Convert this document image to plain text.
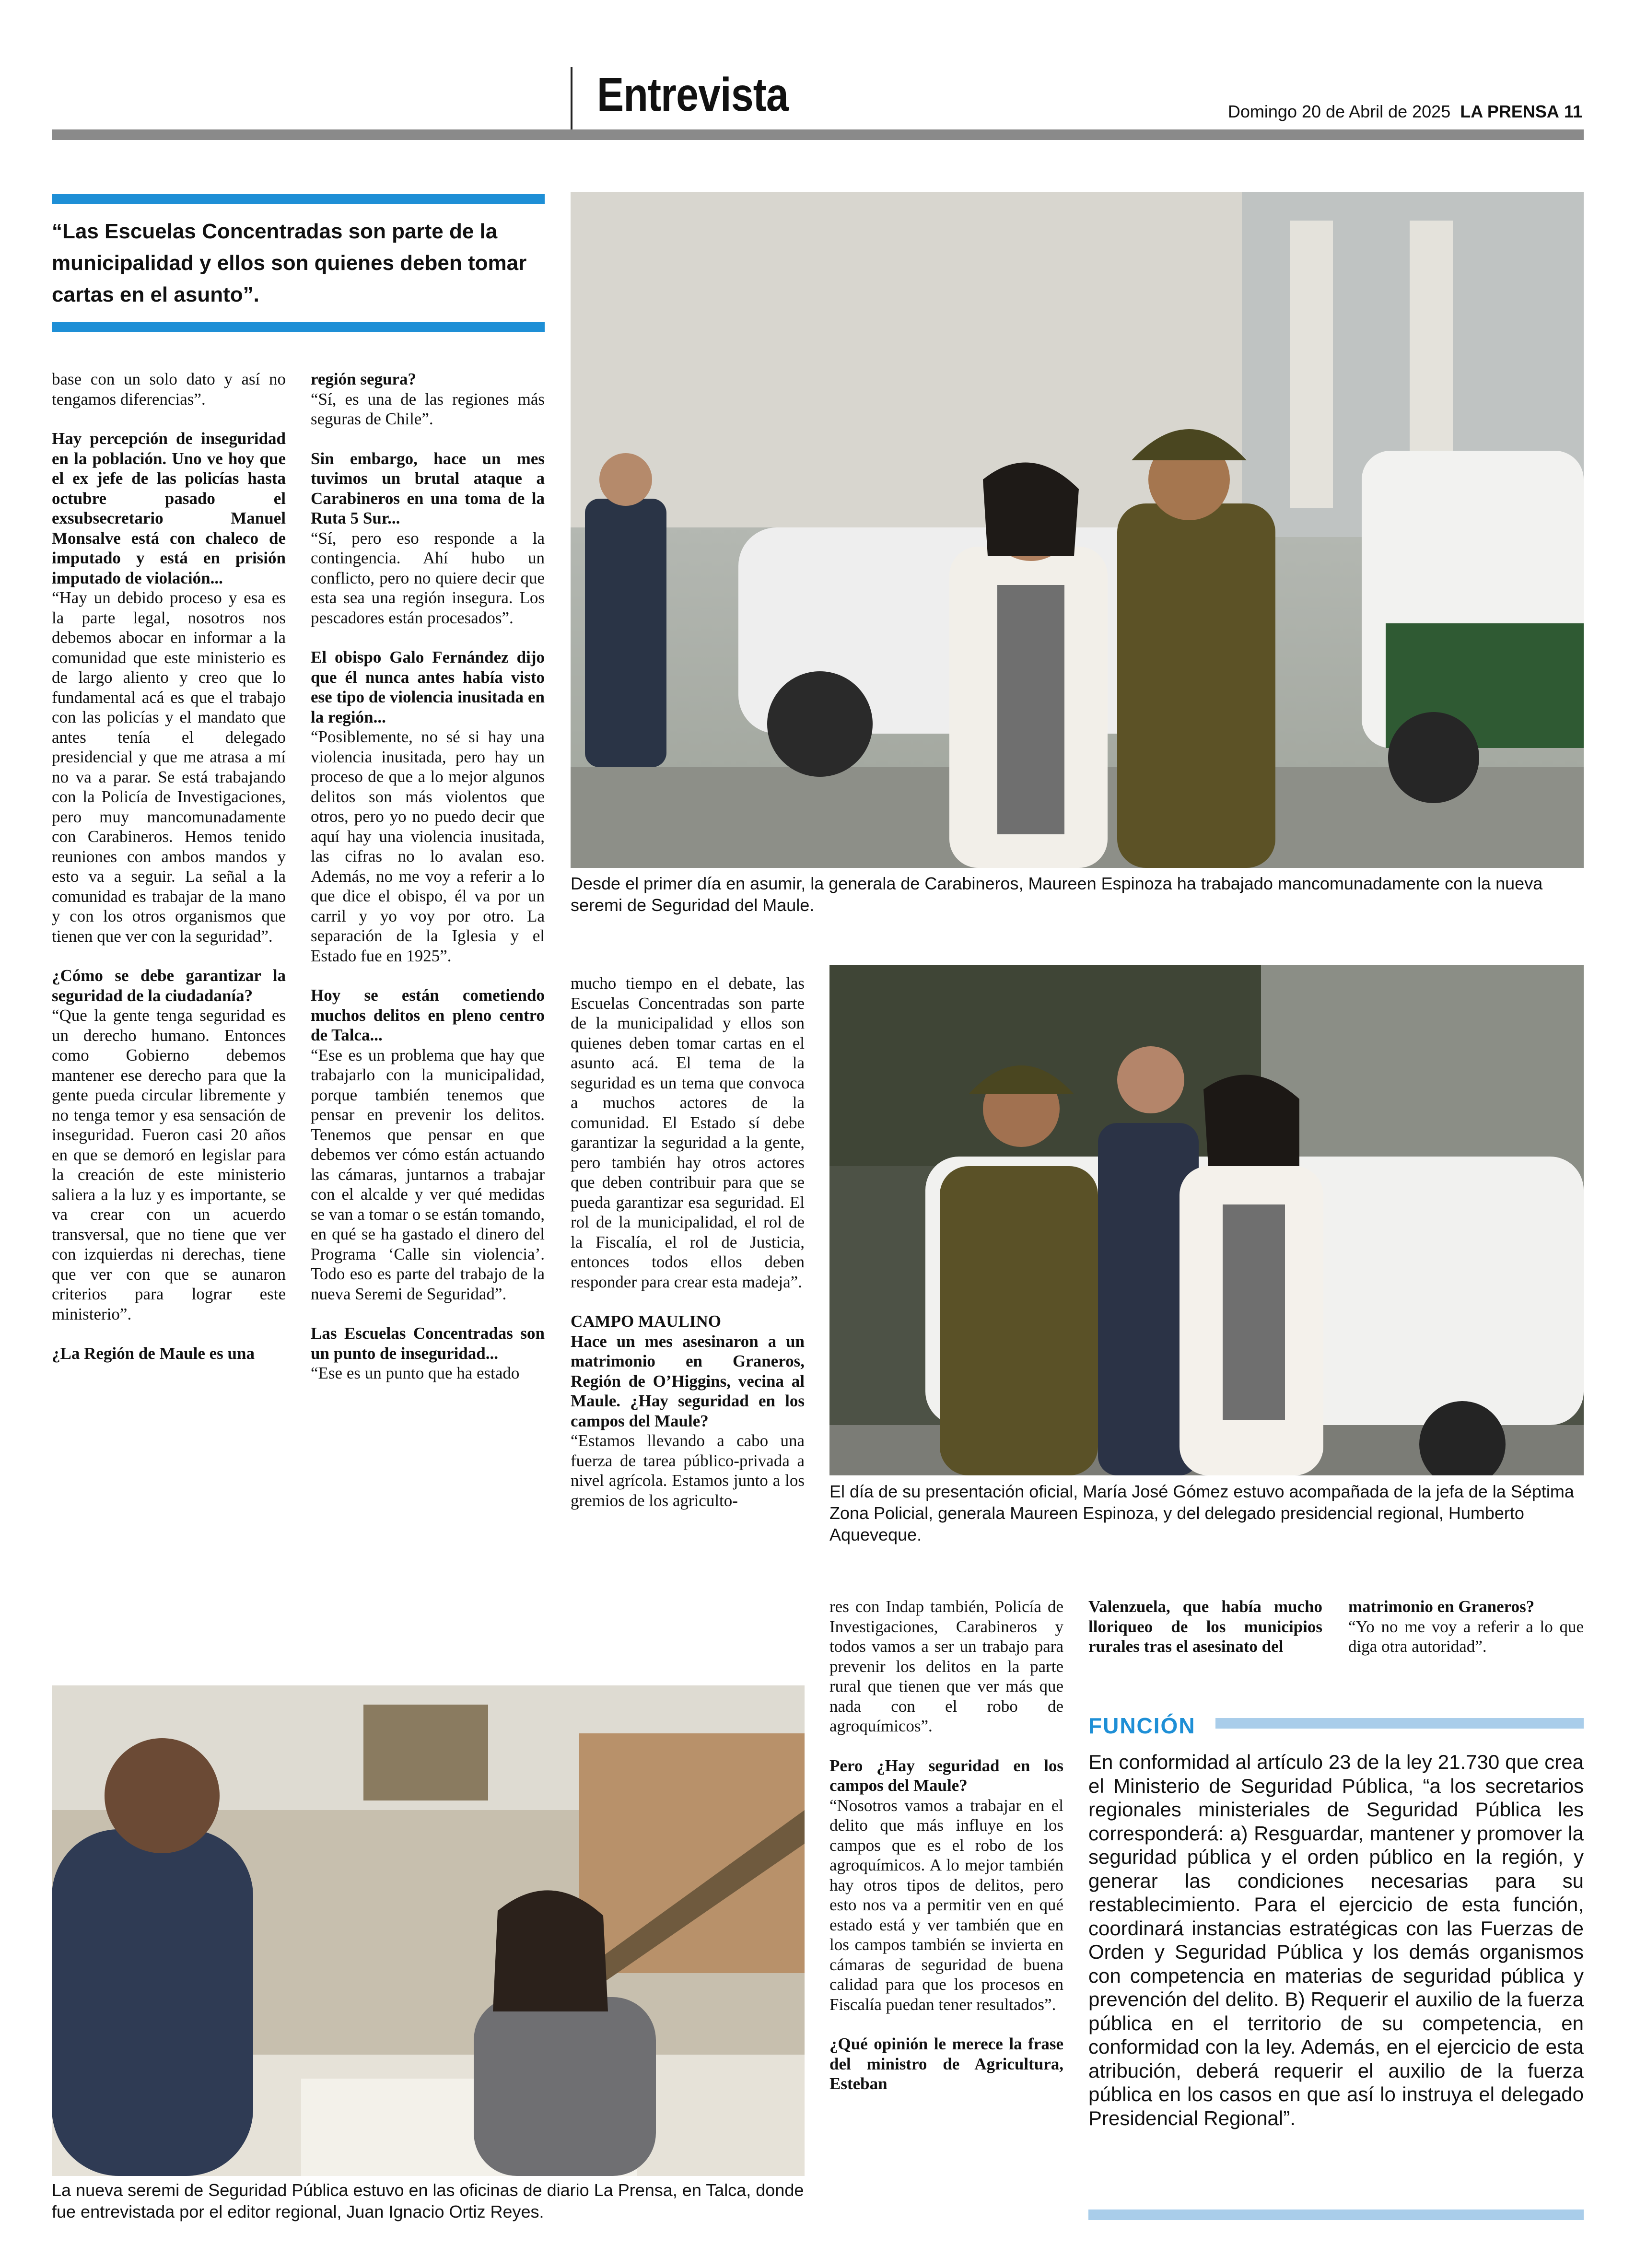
Entrevista	Domingo 20 de Abril de 2025 LA PRENSA 11
“Las Escuelas Concentradas son parte de la municipalidad y ellos son quienes deben tomar cartas en el asunto”.

base con un solo dato y así no tengamos diferencias”.

Hay percepción de inseguridad en la población. Uno ve hoy que el ex jefe de las policías hasta octubre pasado el exsubsecretario Manuel Monsalve está con chaleco de imputado y está en prisión imputado de violación...
“Hay un debido proceso y esa es la parte legal, nosotros nos debemos abocar en informar a la comunidad que este ministerio es de largo aliento y creo que lo fundamental acá es que el trabajo con las policías y el mandato que antes tenía el delegado presidencial y que me atrasa a mí no va a parar. Se está trabajando con la Policía de Investigaciones, pero muy mancomunadamente con Carabineros. Hemos tenido reuniones con ambos mandos y esto va a seguir. La señal a la comunidad es trabajar de la mano y con los otros organismos que tienen que ver con la seguridad”.

¿Cómo se debe garantizar la seguridad de la ciudadanía?
“Que la gente tenga seguridad es un derecho humano. Entonces como Gobierno debemos mantener ese derecho para que la gente pueda circular libremente y no tenga temor y esa sensación de inseguridad. Fueron casi 20 años en que se demoró en legislar para la creación de este ministerio saliera a la luz y es importante, se va crear con un acuerdo transversal, que no tiene que ver con izquierdas ni derechas, tiene que ver con que se aunaron criterios para lograr este ministerio”.

¿La Región de Maule es una

región segura?
“Sí, es una de las regiones más seguras de Chile”.

Sin embargo, hace un mes tuvimos un brutal ataque a Carabineros en una toma de la Ruta 5 Sur...
“Sí, pero eso responde a la contingencia. Ahí hubo un conflicto, pero no quiere decir que esta sea una región insegura. Los pescadores están procesados”.

El obispo Galo Fernández dijo que él nunca antes había visto ese tipo de violencia inusitada en la región...
“Posiblemente, no sé si hay una violencia inusitada, pero hay un proceso de que a lo mejor algunos delitos son más violentos que otros, pero yo no puedo decir que aquí hay una violencia inusitada, las cifras no lo avalan eso. Además, no me voy a referir a lo que dice el obispo, él va por un carril y yo voy por otro. La separación de la Iglesia y el Estado fue en 1925”.

Hoy se están cometiendo muchos delitos en pleno centro de Talca...
“Ese es un problema que hay que trabajarlo con la municipalidad, porque también tenemos que pensar en prevenir los delitos. Tenemos que pensar en que debemos ver cómo están actuando las cámaras, juntarnos a trabajar con el alcalde y ver qué medidas se van a tomar o se están tomando, en qué se ha gastado el dinero del Programa ‘Calle sin violencia’. Todo eso es parte del trabajo de la nueva Seremi de Seguridad”.

Las Escuelas Concentradas son un punto de inseguridad...
“Ese es un punto que ha estado

Desde el primer día en asumir, la generala de Carabineros, Maureen Espinoza ha trabajado mancomunadamente con la nueva seremi de Seguridad del Maule.

mucho tiempo en el debate, las Escuelas Concentradas son parte de la municipalidad y ellos son quienes deben tomar cartas en el asunto acá. El tema de la seguridad es un tema que convoca a muchos actores de la comunidad. El Estado sí debe garantizar la seguridad a la gente, pero también hay otros actores que deben contribuir para que se pueda garantizar esa seguridad. El rol de la municipalidad, el rol de la Fiscalía, el rol de Justicia, entonces todos ellos deben responder para crear esta madeja”.

CAMPO MAULINO
Hace un mes asesinaron a un matrimonio en Graneros, Región de O’Higgins, vecina al Maule. ¿Hay seguridad en los campos del Maule?
“Estamos llevando a cabo una fuerza de tarea público-privada a nivel agrícola. Estamos junto a los gremios de los agriculto-	El día de su presentación oficial, María José Gómez estuvo acompañada de la jefa de la Séptima Zona Policial, generala Maureen Espinoza, y del delegado presidencial regional, Humberto Aqueveque.

res con Indap también, Policía de Investigaciones, Carabineros y todos vamos a ser un trabajo para prevenir los delitos en la parte rural que tienen que ver más que nada con el robo de agroquímicos”.

Pero ¿Hay seguridad en los campos del Maule?
“Nosotros vamos a trabajar en el delito que más influye en los campos que es el robo de los agroquímicos. A lo mejor también hay otros tipos de delitos, pero esto nos va a permitir ven en qué estado está y ver también que en los campos también se invierta en cámaras de seguridad de buena calidad para que los procesos en Fiscalía puedan tener resultados”.

¿Qué opinión le merece la frase del ministro de Agricultura, Esteban

Valenzuela, que había mucho lloriqueo de los municipios rurales tras el asesinato del

matrimonio en Graneros?
“Yo no me voy a referir a lo que diga otra autoridad”.

La nueva seremi de Seguridad Pública estuvo en las oficinas de diario La Prensa, en Talca, donde fue entrevistada por el editor regional, Juan Ignacio Ortiz Reyes.
FUNCIÓN
En conformidad al artículo 23 de la ley 21.730 que crea el Ministerio de Seguridad Pública, “a los secretarios regionales ministeriales de Seguridad Pública les corresponderá: a) Resguardar, mantener y promover la seguridad pública y el orden público en la región, y generar las condiciones necesarias para su restablecimiento. Para el ejercicio de esta función, coordinará instancias estratégicas con las Fuerzas de Orden y Seguridad Pública y los demás organismos con competencia en materias de seguridad pública y prevención del delito. B) Requerir el auxilio de la fuerza pública en el territorio de su competencia, en conformidad con la ley. Además, en el ejercicio de esta atribución, deberá requerir el auxilio de la fuerza pública en los casos en que así lo instruya el delegado Presidencial Regional”.
